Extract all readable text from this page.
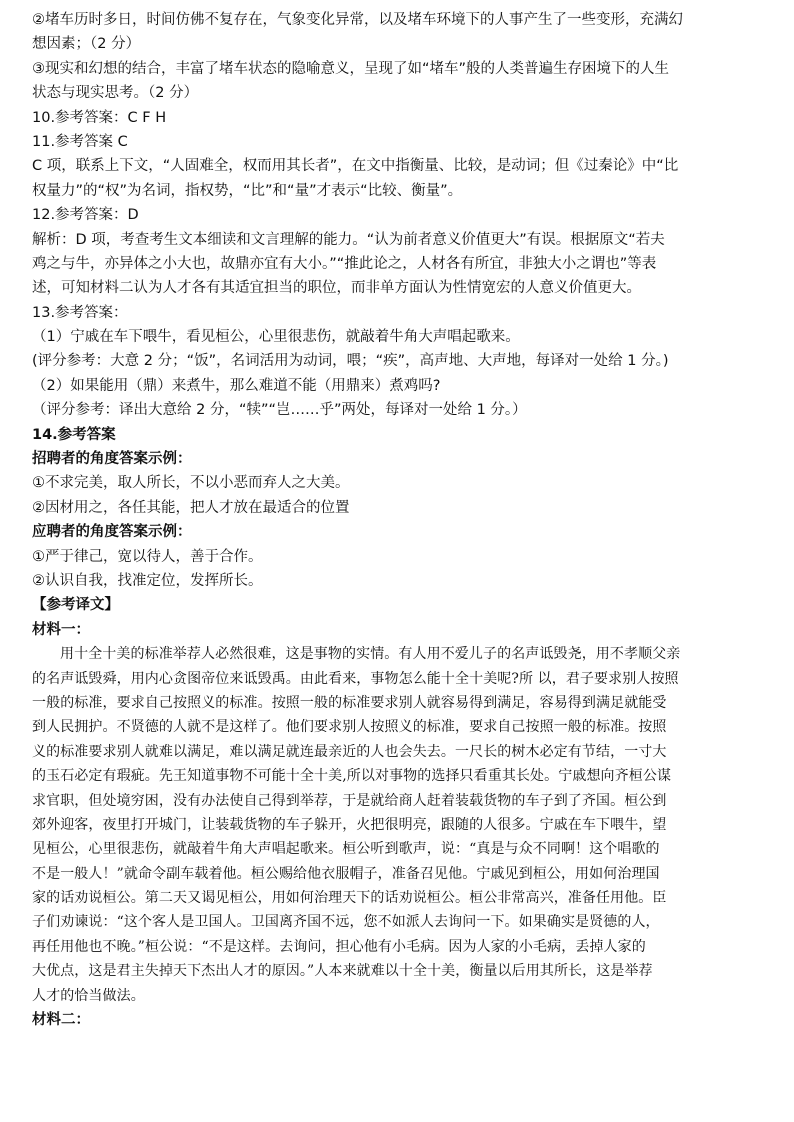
②堵车历时多日，时间仿佛不复存在，气象变化异常，以及堵车环境下的人事产生了一些变形，充满幻
想因素；（2 分）
③现实和幻想的结合，丰富了堵车状态的隐喻意义，呈现了如“堵车”般的人类普遍生存困境下的人生
状态与现实思考。（2 分）
10.参考答案：C F H
11.参考答案 C
C 项，联系上下文，“人固难全，权而用其长者”，在文中指衡量、比较，是动词；但《过秦论》中“比
权量力”的“权”为名词，指权势，“比”和“量”才表示“比较、衡量”。
12.参考答案：D
解析：D 项，考查考生文本细读和文言理解的能力。“认为前者意义价值更大”有误。根据原文“若夫
鸡之与牛，亦异体之小大也，故鼎亦宜有大小。”“推此论之，人材各有所宜，非独大小之谓也”等表
述，可知材料二认为人才各有其适宜担当的职位，而非单方面认为性情宽宏的人意义价值更大。
13.参考答案：
（1）宁戚在车下喂牛，看见桓公，心里很悲伤，就敲着牛角大声唱起歌来。
(评分参考：大意 2 分；“饭”，名词活用为动词，喂；“疾”，高声地、大声地，每译对一处给 1 分。)
（2）如果能用（鼎）来煮牛，那么难道不能（用鼎来）煮鸡吗?
（评分参考：译出大意给 2 分，“犊”“岂……乎”两处，每译对一处给 1 分。）
14.参考答案
招聘者的角度答案示例：
①不求完美，取人所长，不以小恶而弃人之大美。
②因材用之，各任其能，把人才放在最适合的位置
应聘者的角度答案示例：
①严于律己，宽以待人，善于合作。
②认识自我，找准定位，发挥所长。
【参考译文】
材料一：
用十全十美的标准举荐人必然很难，这是事物的实情。有人用不爱儿子的名声诋毁尧，用不孝顺父亲
的名声诋毁舜，用内心贪图帝位来诋毁禹。由此看来，事物怎么能十全十美呢?所 以，君子要求别人按照
一般的标准，要求自己按照义的标准。按照一般的标准要求别人就容易得到满足，容易得到满足就能受
到人民拥护。不贤德的人就不是这样了。他们要求别人按照义的标准，要求自己按照一般的标准。按照
义的标准要求别人就难以满足，难以满足就连最亲近的人也会失去。一尺长的树木必定有节结，一寸大
的玉石必定有瑕疵。先王知道事物不可能十全十美,所以对事物的选择只看重其长处。宁戚想向齐桓公谋
求官职，但处境穷困，没有办法使自己得到举荐，于是就给商人赶着装载货物的车子到了齐国。桓公到
郊外迎客，夜里打开城门，让装载货物的车子躲开，火把很明亮，跟随的人很多。宁戚在车下喂牛，望
见桓公，心里很悲伤，就敲着牛角大声唱起歌来。桓公听到歌声，说：“真是与众不同啊！这个唱歌的
不是一般人！”就命令副车载着他。桓公赐给他衣服帽子，准备召见他。宁戚见到桓公，用如何治理国
家的话劝说桓公。第二天又谒见桓公，用如何治理天下的话劝说桓公。桓公非常高兴，准备任用他。臣
子们劝谏说：“这个客人是卫国人。卫国离齐国不远，您不如派人去询问一下。如果确实是贤德的人，
再任用他也不晚。”桓公说：“不是这样。去询问，担心他有小毛病。因为人家的小毛病，丢掉人家的
大优点，这是君主失掉天下杰出人才的原因。”人本来就难以十全十美，衡量以后用其所长，这是举荐
人才的恰当做法。
材料二：
